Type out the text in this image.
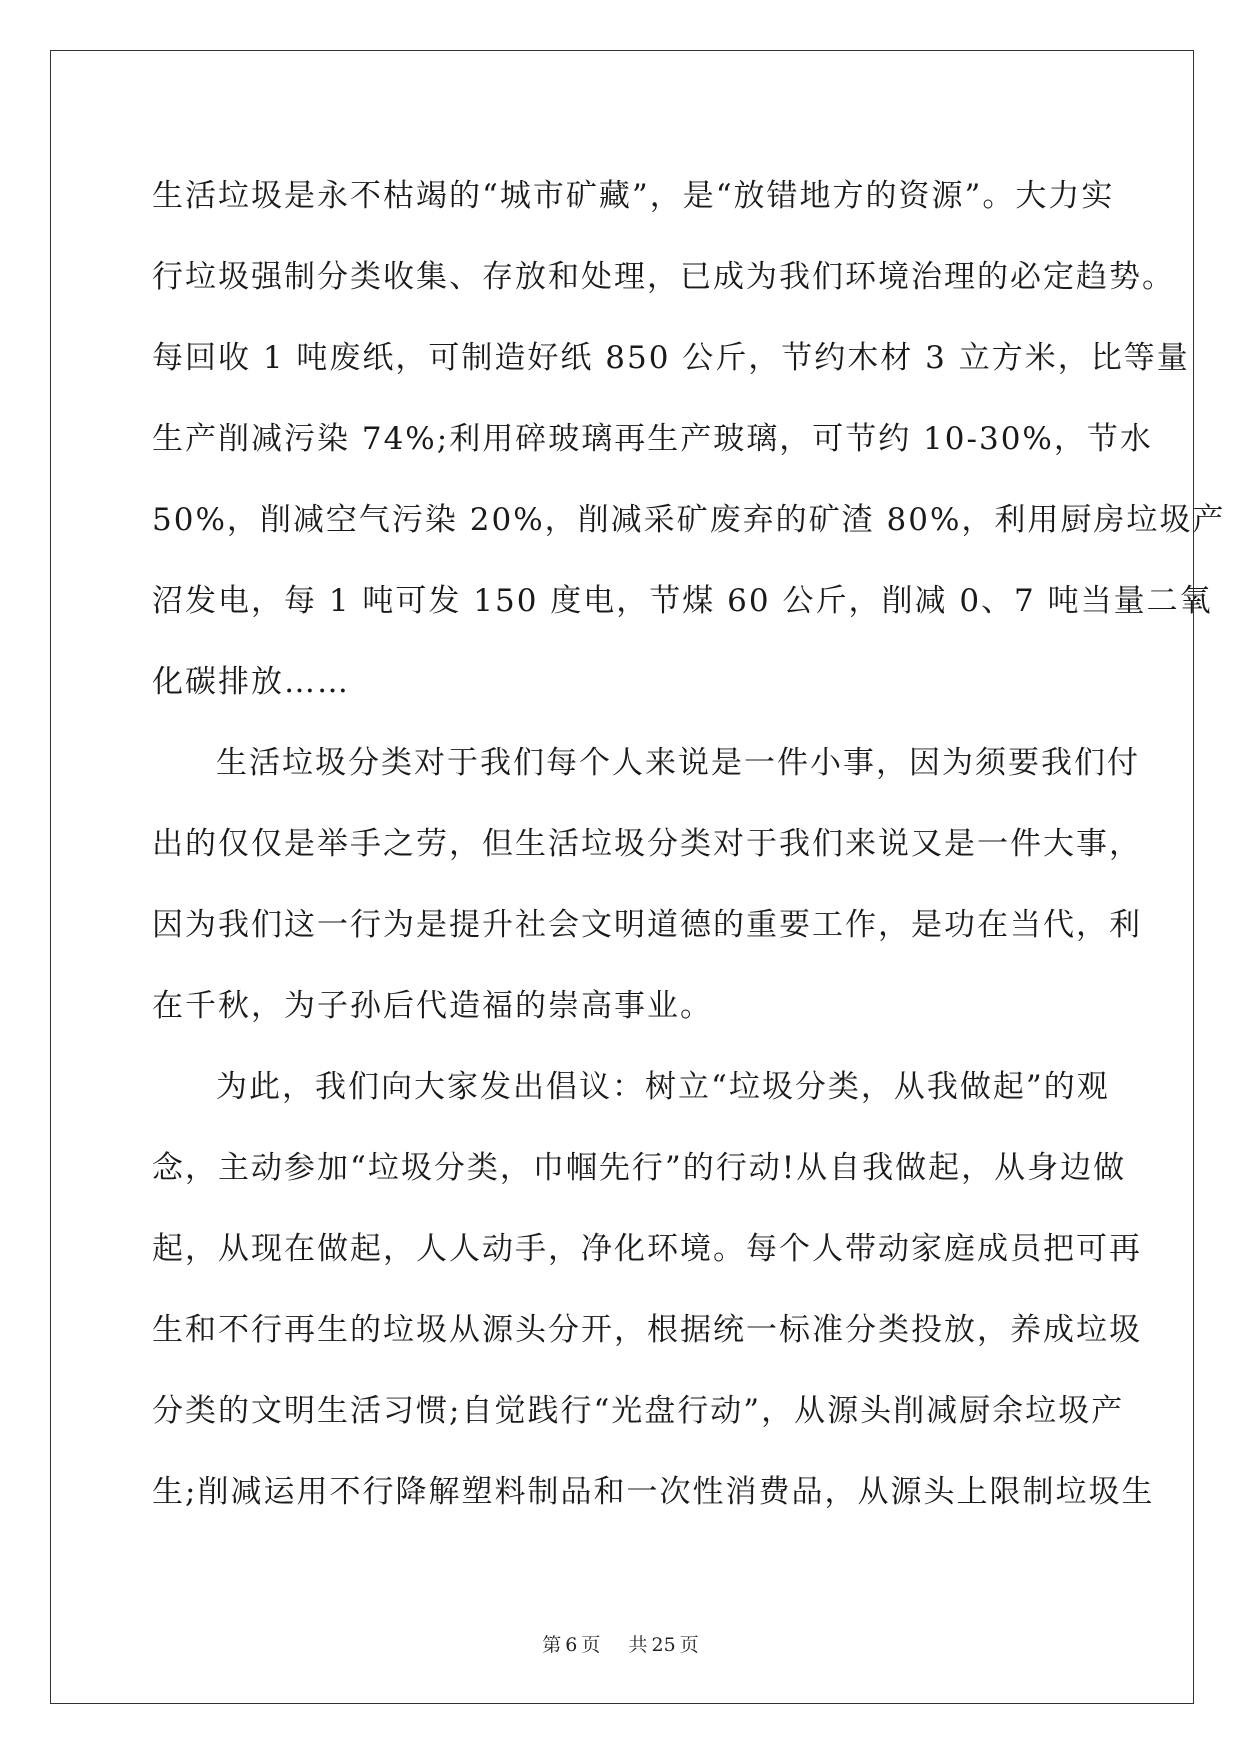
生活垃圾是永不枯竭的“城市矿藏”，是“放错地方的资源”。大力实
行垃圾强制分类收集、存放和处理，已成为我们环境治理的必定趋势。
每回收 1 吨废纸，可制造好纸 850 公斤，节约木材 3 立方米，比等量
生产削减污染 74%;利用碎玻璃再生产玻璃，可节约 10-30%，节水
50%，削减空气污染 20%，削减采矿废弃的矿渣 80%，利用厨房垃圾产
沼发电，每 1 吨可发 150 度电，节煤 60 公斤，削减 0、7 吨当量二氧
化碳排放……
生活垃圾分类对于我们每个人来说是一件小事，因为须要我们付
出的仅仅是举手之劳，但生活垃圾分类对于我们来说又是一件大事，
因为我们这一行为是提升社会文明道德的重要工作，是功在当代，利
在千秋，为子孙后代造福的崇高事业。
为此，我们向大家发出倡议：树立“垃圾分类，从我做起”的观
念，主动参加“垃圾分类，巾帼先行”的行动!从自我做起，从身边做
起，从现在做起，人人动手，净化环境。每个人带动家庭成员把可再
生和不行再生的垃圾从源头分开，根据统一标准分类投放，养成垃圾
分类的文明生活习惯;自觉践行“光盘行动”，从源头削减厨余垃圾产
生;削减运用不行降解塑料制品和一次性消费品，从源头上限制垃圾生
第 6 页 共 25 页
